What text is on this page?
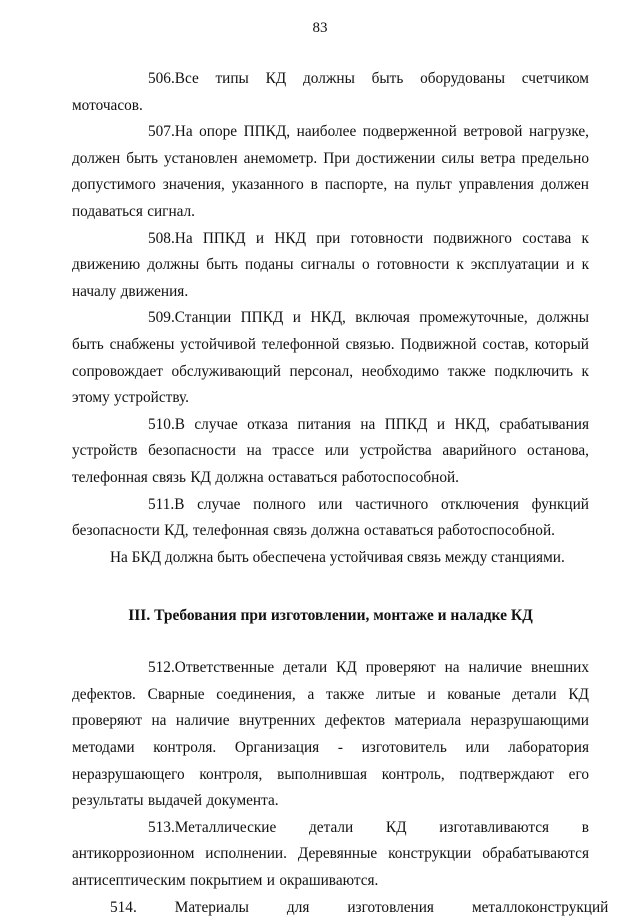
83

506.Все типы КД должны быть оборудованы счетчиком моточасов.

507.На опоре ППКД, наиболее подверженной ветровой нагрузке, должен быть установлен анемометр. При достижении силы ветра предельно допустимого значения, указанного в паспорте, на пульт управления должен подаваться сигнал.

508.На ППКД и НКД при готовности подвижного состава к движению должны быть поданы сигналы о готовности к эксплуатации и к началу движения.

509.Станции ППКД и НКД, включая промежуточные, должны быть снабжены устойчивой телефонной связью. Подвижной состав, который сопровождает обслуживающий персонал, необходимо также подключить к этому устройству.

510.В случае отказа питания на ППКД и НКД, срабатывания устройств безопасности на трассе или устройства аварийного останова, телефонная связь КД должна оставаться работоспособной.

511.В случае полного или частичного отключения функций безопасности КД, телефонная связь должна оставаться работоспособной.

На БКД должна быть обеспечена устойчивая связь между станциями.

III. Требования при изготовлении, монтаже и наладке КД

512.Ответственные детали КД проверяют на наличие внешних дефектов. Сварные соединения, а также литые и кованые детали КД проверяют на наличие внутренних дефектов материала неразрушающими методами контроля. Организация - изготовитель или лаборатория неразрушающего контроля, выполнившая контроль, подтверждают его результаты выдачей документа.

513.Металлические детали КД изготавливаются в антикоррозионном исполнении. Деревянные конструкции обрабатываются антисептическим покрытием и окрашиваются.

514.	Материалы	для	изготовления	металлоконструкций
